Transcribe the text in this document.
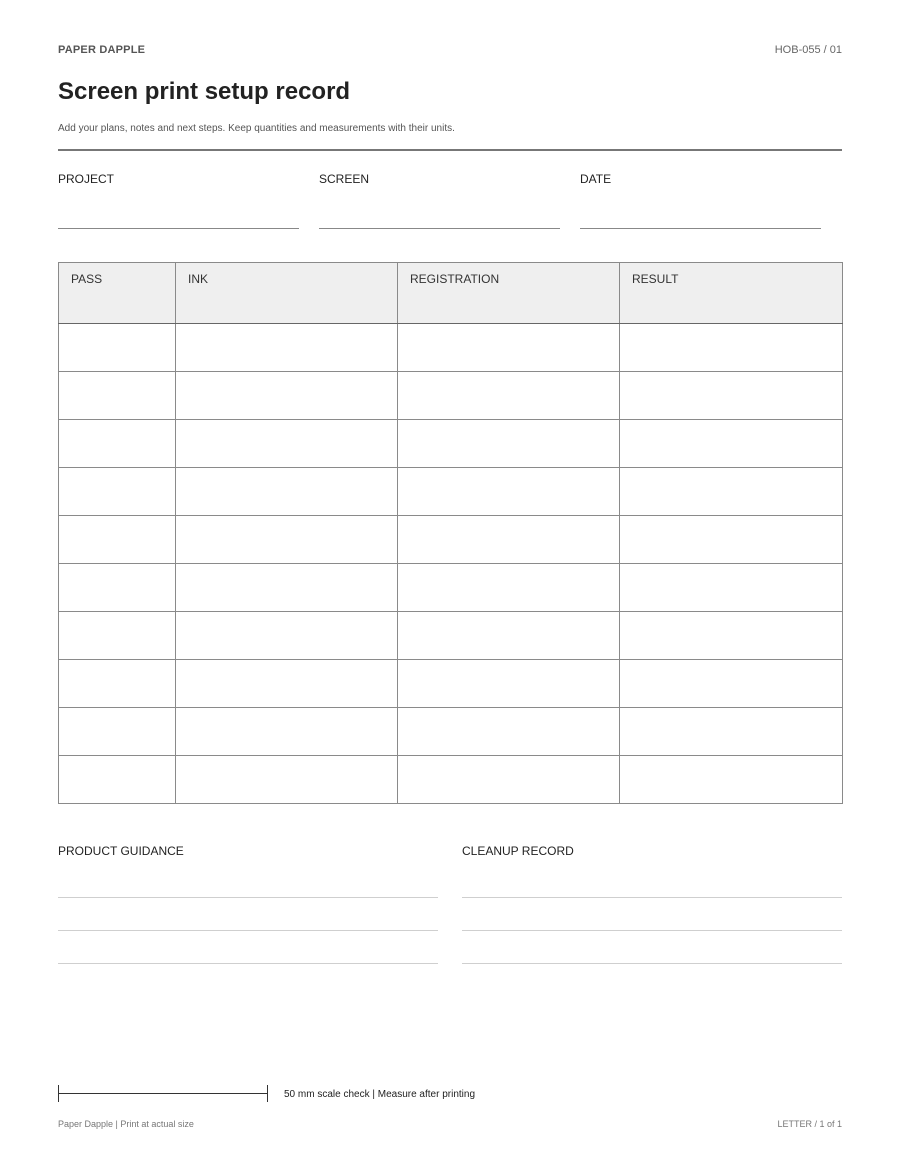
PAPER DAPPLE	HOB-055 / 01
Screen print setup record
Add your plans, notes and next steps. Keep quantities and measurements with their units.
PROJECT	SCREEN	DATE
PASS	INK	REGISTRATION	RESULT

PRODUCT GUIDANCE	CLEANUP RECORD
50 mm scale check | Measure after printing
Paper Dapple | Print at actual size	LETTER / 1 of 1
